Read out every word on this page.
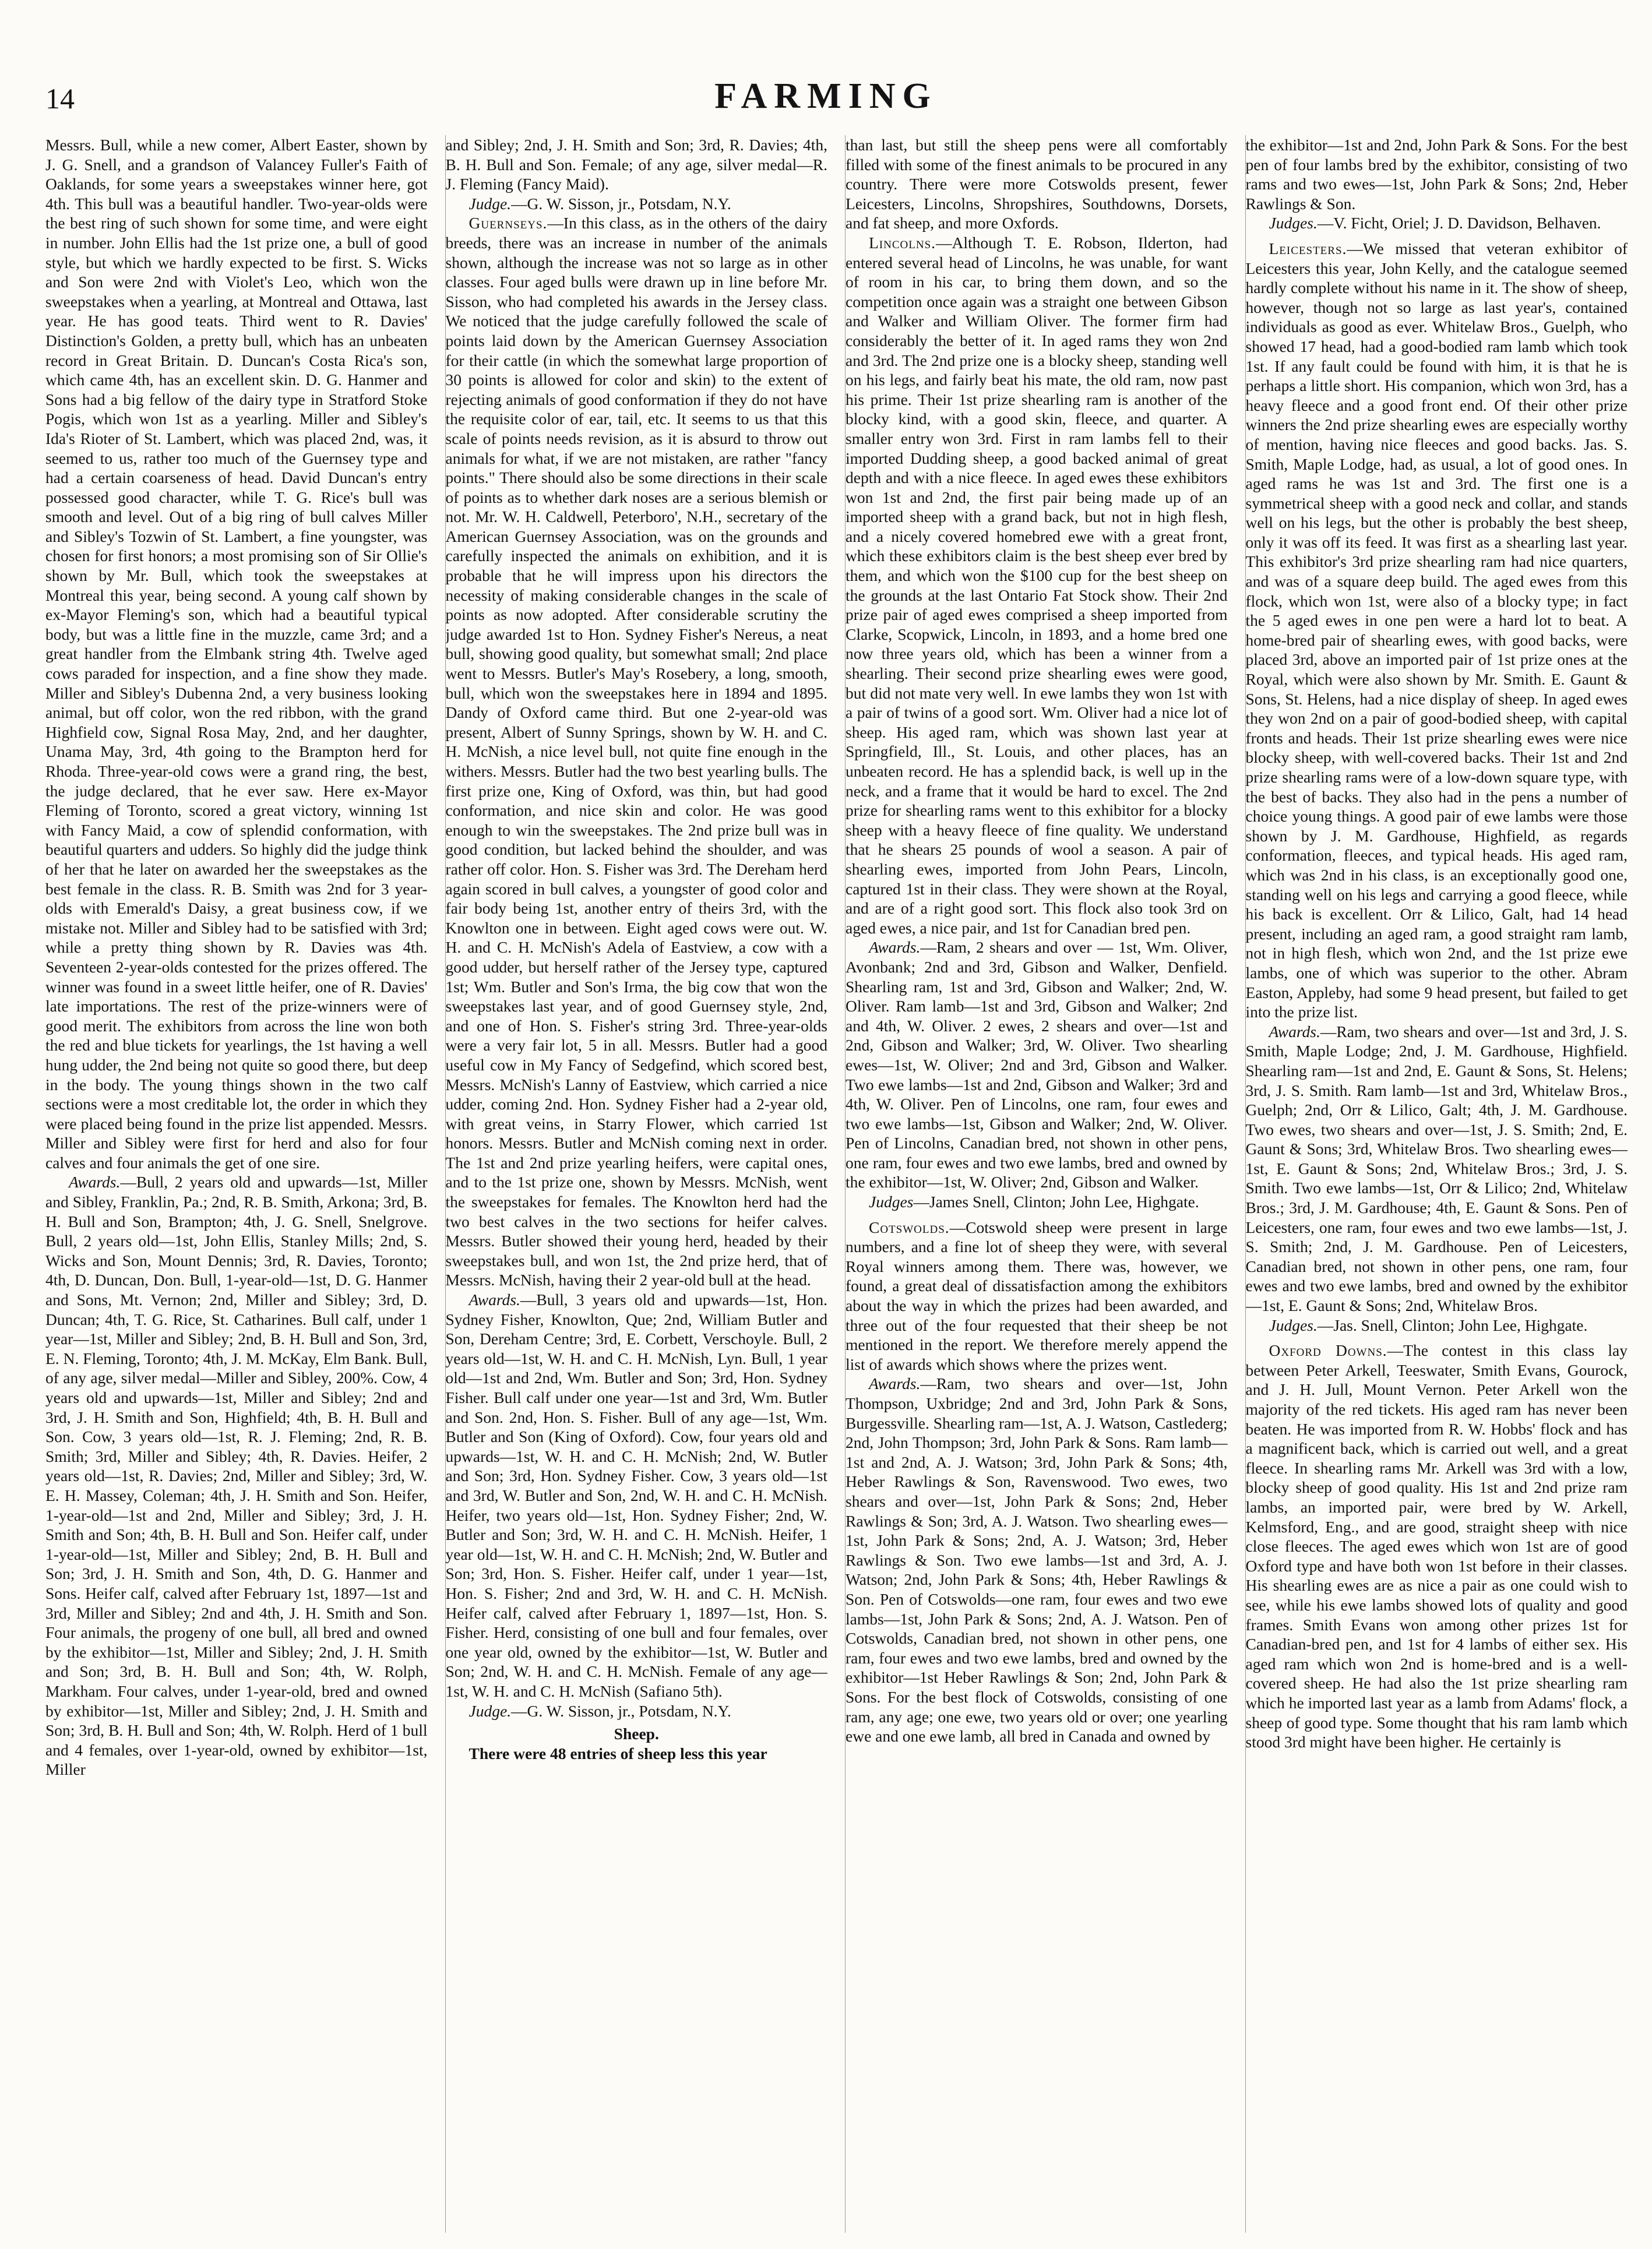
14	FARMING

Messrs. Bull, while a new comer, Albert Easter, shown by J. G. Snell, and a grandson of Valancey Fuller's Faith of Oaklands, for some years a sweepstakes winner here, got 4th. This bull was a beautiful handler. Two-year-olds were the best ring of such shown for some time, and were eight in number. John Ellis had the 1st prize one, a bull of good style, but which we hardly expected to be first. S. Wicks and Son were 2nd with Violet's Leo, which won the sweepstakes when a yearling, at Montreal and Ottawa, last year. He has good teats. Third went to R. Davies' Distinction's Golden, a pretty bull, which has an unbeaten record in Great Britain. D. Duncan's Costa Rica's son, which came 4th, has an excellent skin. D. G. Hanmer and Sons had a big fellow of the dairy type in Stratford Stoke Pogis, which won 1st as a yearling. Miller and Sibley's Ida's Rioter of St. Lambert, which was placed 2nd, was, it seemed to us, rather too much of the Guernsey type and had a certain coarseness of head. David Duncan's entry possessed good character, while T. G. Rice's bull was smooth and level. Out of a big ring of bull calves Miller and Sibley's Tozwin of St. Lambert, a fine youngster, was chosen for first honors; a most promising son of Sir Ollie's shown by Mr. Bull, which took the sweepstakes at Montreal this year, being second. A young calf shown by ex-Mayor Fleming's son, which had a beautiful typical body, but was a little fine in the muzzle, came 3rd; and a great handler from the Elmbank string 4th. Twelve aged cows paraded for inspection, and a fine show they made. Miller and Sibley's Dubenna 2nd, a very business looking animal, but off color, won the red ribbon, with the grand Highfield cow, Signal Rosa May, 2nd, and her daughter, Unama May, 3rd, 4th going to the Brampton herd for Rhoda. Three-year-old cows were a grand ring, the best, the judge declared, that he ever saw. Here ex-Mayor Fleming of Toronto, scored a great victory, winning 1st with Fancy Maid, a cow of splendid conformation, with beautiful quarters and udders. So highly did the judge think of her that he later on awarded her the sweepstakes as the best female in the class. R. B. Smith was 2nd for 3 year-olds with Emerald's Daisy, a great business cow, if we mistake not. Miller and Sibley had to be satisfied with 3rd; while a pretty thing shown by R. Davies was 4th. Seventeen 2-year-olds contested for the prizes offered. The winner was found in a sweet little heifer, one of R. Davies' late importations. The rest of the prize-winners were of good merit. The exhibitors from across the line won both the red and blue tickets for yearlings, the 1st having a well hung udder, the 2nd being not quite so good there, but deep in the body. The young things shown in the two calf sections were a most creditable lot, the order in which they were placed being found in the prize list appended. Messrs. Miller and Sibley were first for herd and also for four calves and four animals the get of one sire.

Awards.—Bull, 2 years old and upwards—1st, Miller and Sibley, Franklin, Pa.; 2nd, R. B. Smith, Arkona; 3rd, B. H. Bull and Son, Brampton; 4th, J. G. Snell, Snelgrove. Bull, 2 years old—1st, John Ellis, Stanley Mills; 2nd, S. Wicks and Son, Mount Dennis; 3rd, R. Davies, Toronto; 4th, D. Duncan, Don. Bull, 1-year-old—1st, D. G. Hanmer and Sons, Mt. Vernon; 2nd, Miller and Sibley; 3rd, D. Duncan; 4th, T. G. Rice, St. Catharines. Bull calf, under 1 year—1st, Miller and Sibley; 2nd, B. H. Bull and Son, 3rd, E. N. Fleming, Toronto; 4th, J. M. McKay, Elm Bank. Bull, of any age, silver medal—Miller and Sibley, 200%. Cow, 4 years old and upwards—1st, Miller and Sibley; 2nd and 3rd, J. H. Smith and Son, Highfield; 4th, B. H. Bull and Son. Cow, 3 years old—1st, R. J. Fleming; 2nd, R. B. Smith; 3rd, Miller and Sibley; 4th, R. Davies. Heifer, 2 years old—1st, R. Davies; 2nd, Miller and Sibley; 3rd, W. E. H. Massey, Coleman; 4th, J. H. Smith and Son. Heifer, 1-year-old—1st and 2nd, Miller and Sibley; 3rd, J. H. Smith and Son; 4th, B. H. Bull and Son. Heifer calf, under 1-year-old—1st, Miller and Sibley; 2nd, B. H. Bull and Son; 3rd, J. H. Smith and Son, 4th, D. G. Hanmer and Sons. Heifer calf, calved after February 1st, 1897—1st and 3rd, Miller and Sibley; 2nd and 4th, J. H. Smith and Son. Four animals, the progeny of one bull, all bred and owned by the exhibitor—1st, Miller and Sibley; 2nd, J. H. Smith and Son; 3rd, B. H. Bull and Son; 4th, W. Rolph, Markham. Four calves, under 1-year-old, bred and owned by exhibitor—1st, Miller and Sibley; 2nd, J. H. Smith and Son; 3rd, B. H. Bull and Son; 4th, W. Rolph. Herd of 1 bull and 4 females, over 1-year-old, owned by exhibitor—1st, Miller

and Sibley; 2nd, J. H. Smith and Son; 3rd, R. Davies; 4th, B. H. Bull and Son. Female; of any age, silver medal—R. J. Fleming (Fancy Maid).

Judge.—G. W. Sisson, jr., Potsdam, N.Y.

Guernseys.—In this class, as in the others of the dairy breeds, there was an increase in number of the animals shown, although the increase was not so large as in other classes. Four aged bulls were drawn up in line before Mr. Sisson, who had completed his awards in the Jersey class. We noticed that the judge carefully followed the scale of points laid down by the American Guernsey Association for their cattle (in which the somewhat large proportion of 30 points is allowed for color and skin) to the extent of rejecting animals of good conformation if they do not have the requisite color of ear, tail, etc. It seems to us that this scale of points needs revision, as it is absurd to throw out animals for what, if we are not mistaken, are rather "fancy points." There should also be some directions in their scale of points as to whether dark noses are a serious blemish or not. Mr. W. H. Caldwell, Peterboro', N.H., secretary of the American Guernsey Association, was on the grounds and carefully inspected the animals on exhibition, and it is probable that he will impress upon his directors the necessity of making considerable changes in the scale of points as now adopted. After considerable scrutiny the judge awarded 1st to Hon. Sydney Fisher's Nereus, a neat bull, showing good quality, but somewhat small; 2nd place went to Messrs. Butler's May's Rosebery, a long, smooth, bull, which won the sweepstakes here in 1894 and 1895. Dandy of Oxford came third. But one 2-year-old was present, Albert of Sunny Springs, shown by W. H. and C. H. McNish, a nice level bull, not quite fine enough in the withers. Messrs. Butler had the two best yearling bulls. The first prize one, King of Oxford, was thin, but had good conformation, and nice skin and color. He was good enough to win the sweepstakes. The 2nd prize bull was in good condition, but lacked behind the shoulder, and was rather off color. Hon. S. Fisher was 3rd. The Dereham herd again scored in bull calves, a youngster of good color and fair body being 1st, another entry of theirs 3rd, with the Knowlton one in between. Eight aged cows were out. W. H. and C. H. McNish's Adela of Eastview, a cow with a good udder, but herself rather of the Jersey type, captured 1st; Wm. Butler and Son's Irma, the big cow that won the sweepstakes last year, and of good Guernsey style, 2nd, and one of Hon. S. Fisher's string 3rd. Three-year-olds were a very fair lot, 5 in all. Messrs. Butler had a good useful cow in My Fancy of Sedgefind, which scored best, Messrs. McNish's Lanny of Eastview, which carried a nice udder, coming 2nd. Hon. Sydney Fisher had a 2-year old, with great veins, in Starry Flower, which carried 1st honors. Messrs. Butler and McNish coming next in order. The 1st and 2nd prize yearling heifers, were capital ones, and to the 1st prize one, shown by Messrs. McNish, went the sweepstakes for females. The Knowlton herd had the two best calves in the two sections for heifer calves. Messrs. Butler showed their young herd, headed by their sweepstakes bull, and won 1st, the 2nd prize herd, that of Messrs. McNish, having their 2 year-old bull at the head.

Awards.—Bull, 3 years old and upwards—1st, Hon. Sydney Fisher, Knowlton, Que; 2nd, William Butler and Son, Dereham Centre; 3rd, E. Corbett, Verschoyle. Bull, 2 years old—1st, W. H. and C. H. McNish, Lyn. Bull, 1 year old—1st and 2nd, Wm. Butler and Son; 3rd, Hon. Sydney Fisher. Bull calf under one year—1st and 3rd, Wm. Butler and Son. 2nd, Hon. S. Fisher. Bull of any age—1st, Wm. Butler and Son (King of Oxford). Cow, four years old and upwards—1st, W. H. and C. H. McNish; 2nd, W. Butler and Son; 3rd, Hon. Sydney Fisher. Cow, 3 years old—1st and 3rd, W. Butler and Son, 2nd, W. H. and C. H. McNish. Heifer, two years old—1st, Hon. Sydney Fisher; 2nd, W. Butler and Son; 3rd, W. H. and C. H. McNish. Heifer, 1 year old—1st, W. H. and C. H. McNish; 2nd, W. Butler and Son; 3rd, Hon. S. Fisher. Heifer calf, under 1 year—1st, Hon. S. Fisher; 2nd and 3rd, W. H. and C. H. McNish. Heifer calf, calved after February 1, 1897—1st, Hon. S. Fisher. Herd, consisting of one bull and four females, over one year old, owned by the exhibitor—1st, W. Butler and Son; 2nd, W. H. and C. H. McNish. Female of any age—1st, W. H. and C. H. McNish (Safiano 5th).

Judge.—G. W. Sisson, jr., Potsdam, N.Y.

Sheep.

There were 48 entries of sheep less this year

than last, but still the sheep pens were all comfortably filled with some of the finest animals to be procured in any country. There were more Cotswolds present, fewer Leicesters, Lincolns, Shropshires, Southdowns, Dorsets, and fat sheep, and more Oxfords.

Lincolns.—Although T. E. Robson, Ilderton, had entered several head of Lincolns, he was unable, for want of room in his car, to bring them down, and so the competition once again was a straight one between Gibson and Walker and William Oliver. The former firm had considerably the better of it. In aged rams they won 2nd and 3rd. The 2nd prize one is a blocky sheep, standing well on his legs, and fairly beat his mate, the old ram, now past his prime. Their 1st prize shearling ram is another of the blocky kind, with a good skin, fleece, and quarter. A smaller entry won 3rd. First in ram lambs fell to their imported Dudding sheep, a good backed animal of great depth and with a nice fleece. In aged ewes these exhibitors won 1st and 2nd, the first pair being made up of an imported sheep with a grand back, but not in high flesh, and a nicely covered homebred ewe with a great front, which these exhibitors claim is the best sheep ever bred by them, and which won the $100 cup for the best sheep on the grounds at the last Ontario Fat Stock show. Their 2nd prize pair of aged ewes comprised a sheep imported from Clarke, Scopwick, Lincoln, in 1893, and a home bred one now three years old, which has been a winner from a shearling. Their second prize shearling ewes were good, but did not mate very well. In ewe lambs they won 1st with a pair of twins of a good sort. Wm. Oliver had a nice lot of sheep. His aged ram, which was shown last year at Springfield, Ill., St. Louis, and other places, has an unbeaten record. He has a splendid back, is well up in the neck, and a frame that it would be hard to excel. The 2nd prize for shearling rams went to this exhibitor for a blocky sheep with a heavy fleece of fine quality. We understand that he shears 25 pounds of wool a season. A pair of shearling ewes, imported from John Pears, Lincoln, captured 1st in their class. They were shown at the Royal, and are of a right good sort. This flock also took 3rd on aged ewes, a nice pair, and 1st for Canadian bred pen.

Awards.—Ram, 2 shears and over — 1st, Wm. Oliver, Avonbank; 2nd and 3rd, Gibson and Walker, Denfield. Shearling ram, 1st and 3rd, Gibson and Walker; 2nd, W. Oliver. Ram lamb—1st and 3rd, Gibson and Walker; 2nd and 4th, W. Oliver. 2 ewes, 2 shears and over—1st and 2nd, Gibson and Walker; 3rd, W. Oliver. Two shearling ewes—1st, W. Oliver; 2nd and 3rd, Gibson and Walker. Two ewe lambs—1st and 2nd, Gibson and Walker; 3rd and 4th, W. Oliver. Pen of Lincolns, one ram, four ewes and two ewe lambs—1st, Gibson and Walker; 2nd, W. Oliver. Pen of Lincolns, Canadian bred, not shown in other pens, one ram, four ewes and two ewe lambs, bred and owned by the exhibitor—1st, W. Oliver; 2nd, Gibson and Walker.

Judges—James Snell, Clinton; John Lee, Highgate.

Cotswolds.—Cotswold sheep were present in large numbers, and a fine lot of sheep they were, with several Royal winners among them. There was, however, we found, a great deal of dissatisfaction among the exhibitors about the way in which the prizes had been awarded, and three out of the four requested that their sheep be not mentioned in the report. We therefore merely append the list of awards which shows where the prizes went.

Awards.—Ram, two shears and over—1st, John Thompson, Uxbridge; 2nd and 3rd, John Park & Sons, Burgessville. Shearling ram—1st, A. J. Watson, Castlederg; 2nd, John Thompson; 3rd, John Park & Sons. Ram lamb—1st and 2nd, A. J. Watson; 3rd, John Park & Sons; 4th, Heber Rawlings & Son, Ravenswood. Two ewes, two shears and over—1st, John Park & Sons; 2nd, Heber Rawlings & Son; 3rd, A. J. Watson. Two shearling ewes—1st, John Park & Sons; 2nd, A. J. Watson; 3rd, Heber Rawlings & Son. Two ewe lambs—1st and 3rd, A. J. Watson; 2nd, John Park & Sons; 4th, Heber Rawlings & Son. Pen of Cotswolds—one ram, four ewes and two ewe lambs—1st, John Park & Sons; 2nd, A. J. Watson. Pen of Cotswolds, Canadian bred, not shown in other pens, one ram, four ewes and two ewe lambs, bred and owned by the exhibitor—1st Heber Rawlings & Son; 2nd, John Park & Sons. For the best flock of Cotswolds, consisting of one ram, any age; one ewe, two years old or over; one yearling ewe and one ewe lamb, all bred in Canada and owned by

the exhibitor—1st and 2nd, John Park & Sons. For the best pen of four lambs bred by the exhibitor, consisting of two rams and two ewes—1st, John Park & Sons; 2nd, Heber Rawlings & Son.

Judges.—V. Ficht, Oriel; J. D. Davidson, Belhaven.

Leicesters.—We missed that veteran exhibitor of Leicesters this year, John Kelly, and the catalogue seemed hardly complete without his name in it. The show of sheep, however, though not so large as last year's, contained individuals as good as ever. Whitelaw Bros., Guelph, who showed 17 head, had a good-bodied ram lamb which took 1st. If any fault could be found with him, it is that he is perhaps a little short. His companion, which won 3rd, has a heavy fleece and a good front end. Of their other prize winners the 2nd prize shearling ewes are especially worthy of mention, having nice fleeces and good backs. Jas. S. Smith, Maple Lodge, had, as usual, a lot of good ones. In aged rams he was 1st and 3rd. The first one is a symmetrical sheep with a good neck and collar, and stands well on his legs, but the other is probably the best sheep, only it was off its feed. It was first as a shearling last year. This exhibitor's 3rd prize shearling ram had nice quarters, and was of a square deep build. The aged ewes from this flock, which won 1st, were also of a blocky type; in fact the 5 aged ewes in one pen were a hard lot to beat. A home-bred pair of shearling ewes, with good backs, were placed 3rd, above an imported pair of 1st prize ones at the Royal, which were also shown by Mr. Smith. E. Gaunt & Sons, St. Helens, had a nice display of sheep. In aged ewes they won 2nd on a pair of good-bodied sheep, with capital fronts and heads. Their 1st prize shearling ewes were nice blocky sheep, with well-covered backs. Their 1st and 2nd prize shearling rams were of a low-down square type, with the best of backs. They also had in the pens a number of choice young things. A good pair of ewe lambs were those shown by J. M. Gardhouse, Highfield, as regards conformation, fleeces, and typical heads. His aged ram, which was 2nd in his class, is an exceptionally good one, standing well on his legs and carrying a good fleece, while his back is excellent. Orr & Lilico, Galt, had 14 head present, including an aged ram, a good straight ram lamb, not in high flesh, which won 2nd, and the 1st prize ewe lambs, one of which was superior to the other. Abram Easton, Appleby, had some 9 head present, but failed to get into the prize list.

Awards.—Ram, two shears and over—1st and 3rd, J. S. Smith, Maple Lodge; 2nd, J. M. Gardhouse, Highfield. Shearling ram—1st and 2nd, E. Gaunt & Sons, St. Helens; 3rd, J. S. Smith. Ram lamb—1st and 3rd, Whitelaw Bros., Guelph; 2nd, Orr & Lilico, Galt; 4th, J. M. Gardhouse. Two ewes, two shears and over—1st, J. S. Smith; 2nd, E. Gaunt & Sons; 3rd, Whitelaw Bros. Two shearling ewes—1st, E. Gaunt & Sons; 2nd, Whitelaw Bros.; 3rd, J. S. Smith. Two ewe lambs—1st, Orr & Lilico; 2nd, Whitelaw Bros.; 3rd, J. M. Gardhouse; 4th, E. Gaunt & Sons. Pen of Leicesters, one ram, four ewes and two ewe lambs—1st, J. S. Smith; 2nd, J. M. Gardhouse. Pen of Leicesters, Canadian bred, not shown in other pens, one ram, four ewes and two ewe lambs, bred and owned by the exhibitor—1st, E. Gaunt & Sons; 2nd, Whitelaw Bros.

Judges.—Jas. Snell, Clinton; John Lee, Highgate.

Oxford Downs.—The contest in this class lay between Peter Arkell, Teeswater, Smith Evans, Gourock, and J. H. Jull, Mount Vernon. Peter Arkell won the majority of the red tickets. His aged ram has never been beaten. He was imported from R. W. Hobbs' flock and has a magnificent back, which is carried out well, and a great fleece. In shearling rams Mr. Arkell was 3rd with a low, blocky sheep of good quality. His 1st and 2nd prize ram lambs, an imported pair, were bred by W. Arkell, Kelmsford, Eng., and are good, straight sheep with nice close fleeces. The aged ewes which won 1st are of good Oxford type and have both won 1st before in their classes. His shearling ewes are as nice a pair as one could wish to see, while his ewe lambs showed lots of quality and good frames. Smith Evans won among other prizes 1st for Canadian-bred pen, and 1st for 4 lambs of either sex. His aged ram which won 2nd is home-bred and is a well-covered sheep. He had also the 1st prize shearling ram which he imported last year as a lamb from Adams' flock, a sheep of good type. Some thought that his ram lamb which stood 3rd might have been higher. He certainly is
